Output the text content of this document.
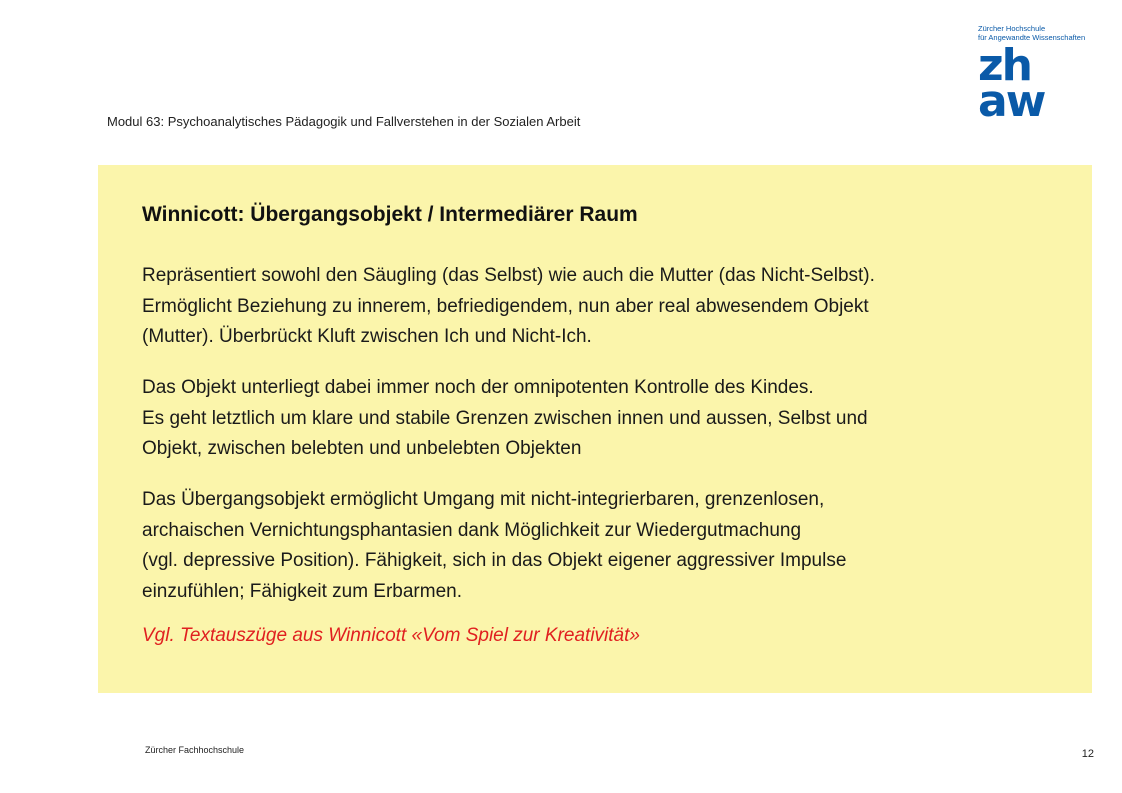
Modul 63: Psychoanalytisches Pädagogik und Fallverstehen in der Sozialen Arbeit
Zürcher Hochschule
für Angewandte Wissenschaften
zh
aw
Winnicott: Übergangsobjekt / Intermediärer Raum
Repräsentiert sowohl den Säugling (das Selbst) wie auch die Mutter (das Nicht-Selbst).
Ermöglicht Beziehung zu innerem, befriedigendem, nun aber real abwesendem Objekt
(Mutter). Überbrückt Kluft zwischen Ich und Nicht-Ich.
Das Objekt unterliegt dabei immer noch der omnipotenten Kontrolle des Kindes.
Es geht letztlich um klare und stabile Grenzen zwischen innen und aussen, Selbst und
Objekt, zwischen belebten und unbelebten Objekten
Das Übergangsobjekt ermöglicht Umgang mit nicht-integrierbaren, grenzenlosen,
archaischen Vernichtungsphantasien dank Möglichkeit zur Wiedergutmachung
(vgl. depressive Position). Fähigkeit, sich in das Objekt eigener aggressiver Impulse
einzufühlen; Fähigkeit zum Erbarmen.
Vgl. Textauszüge aus Winnicott «Vom Spiel zur Kreativität»
Zürcher Fachhochschule	12
